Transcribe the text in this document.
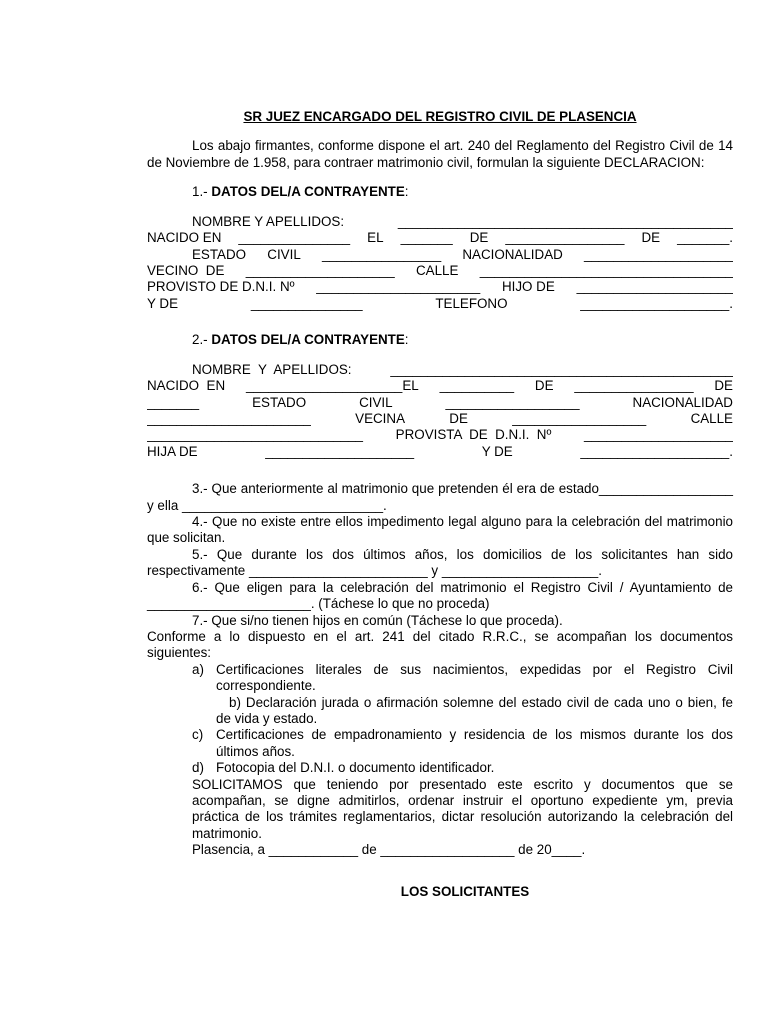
SR JUEZ ENCARGADO DEL REGISTRO CIVIL DE PLASENCIA

Los abajo firmantes, conforme dispone el art. 240 del Reglamento del Registro Civil de 14 de Noviembre de 1.958, para contraer matrimonio civil, formulan la siguiente DECLARACION:

1.- DATOS DEL/A CONTRAYENTE:
NOMBRE Y APELLIDOS:	_____________________________________________
NACIDO EN _______________ EL _______ DE ________________ DE _______.
ESTADO CIVIL ________________ NACIONALIDAD ____________________
VECINO  DE ____________________ CALLE __________________________________
PROVISTO DE D.N.I. Nº ______________________ HIJO DE _____________________
Y DE	_______________	TELEFONO	____________________.
2.- DATOS DEL/A CONTRAYENTE:
NOMBRE  Y  APELLIDOS:	______________________________________________
NACIDO  EN _____________________EL __________ DE ________________ DE
_______	ESTADO	CIVIL	__________________	NACIONALIDAD
______________________	VECINA	DE	__________________	CALLE
_____________________________ PROVISTA  DE  D.N.I.  Nº ____________________
HIJA DE	____________________	Y DE	____________________.

3.- Que anteriormente al matrimonio que pretenden él era de estado__________________ y ella ___________________________.

4.- Que no existe entre ellos impedimento legal alguno para la celebración del matrimonio que solicitan.

5.- Que durante los dos últimos años, los domicilios de los solicitantes han sido respectivamente ________________________ y _____________________.

6.- Que eligen para la celebración del matrimonio el Registro Civil / Ayuntamiento de ______________________. (Táchese lo que no proceda)

7.- Que si/no tienen hijos en común (Táchese lo que proceda).

Conforme a lo dispuesto en el art. 241 del citado R.R.C., se acompañan los documentos siguientes:

a) Certificaciones literales de sus nacimientos, expedidas por el Registro Civil correspondiente.
b) Declaración jurada o afirmación solemne del estado civil de cada uno o bien, fe de vida y estado.
c) Certificaciones de empadronamiento y residencia de los mismos durante los dos últimos años.
d) Fotocopia del D.N.I. o documento identificador.

SOLICITAMOS que teniendo por presentado este escrito y documentos que se acompañan, se digne admitirlos, ordenar instruir el oportuno expediente ym, previa práctica de los trámites reglamentarios, dictar resolución autorizando la celebración del matrimonio.

Plasencia, a ____________ de __________________ de 20____.

LOS SOLICITANTES
